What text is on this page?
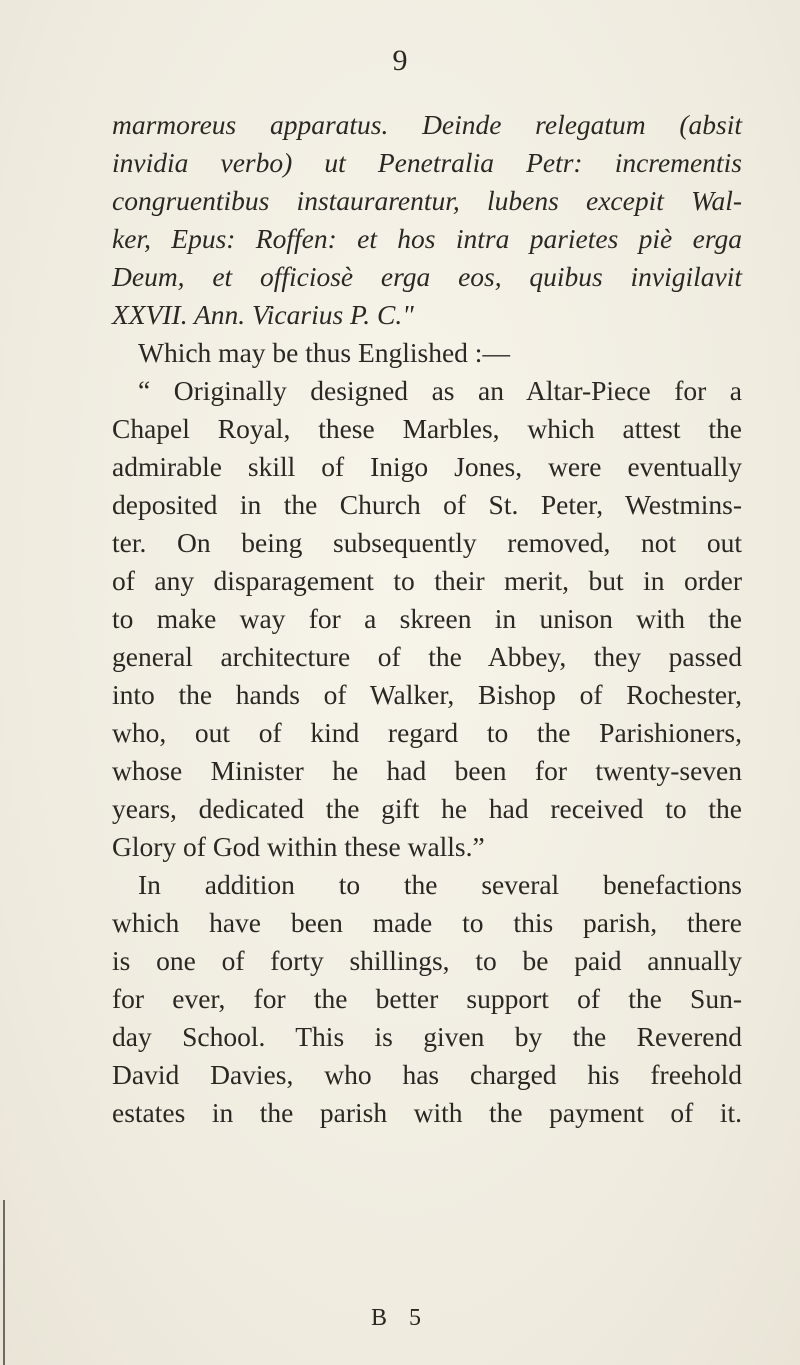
9
marmoreus apparatus. Deinde relegatum (absit
invidia verbo) ut Penetralia Petr: incrementis
congruentibus instaurarentur, lubens excepit Wal-
ker, Epus: Roffen: et hos intra parietes piè erga
Deum, et officiosè erga eos, quibus invigilavit
XXVII. Ann. Vicarius P. C."
Which may be thus Englished :—
“ Originally designed as an Altar-Piece for a
Chapel Royal, these Marbles, which attest the
admirable skill of Inigo Jones, were eventually
deposited in the Church of St. Peter, Westmins-
ter. On being subsequently removed, not out
of any disparagement to their merit, but in order
to make way for a skreen in unison with the
general architecture of the Abbey, they passed
into the hands of Walker, Bishop of Rochester,
who, out of kind regard to the Parishioners,
whose Minister he had been for twenty-seven
years, dedicated the gift he had received to the
Glory of God within these walls.”
In addition to the several benefactions
which have been made to this parish, there
is one of forty shillings, to be paid annually
for ever, for the better support of the Sun-
day School. This is given by the Reverend
David Davies, who has charged his freehold
estates in the parish with the payment of it.
B 5
